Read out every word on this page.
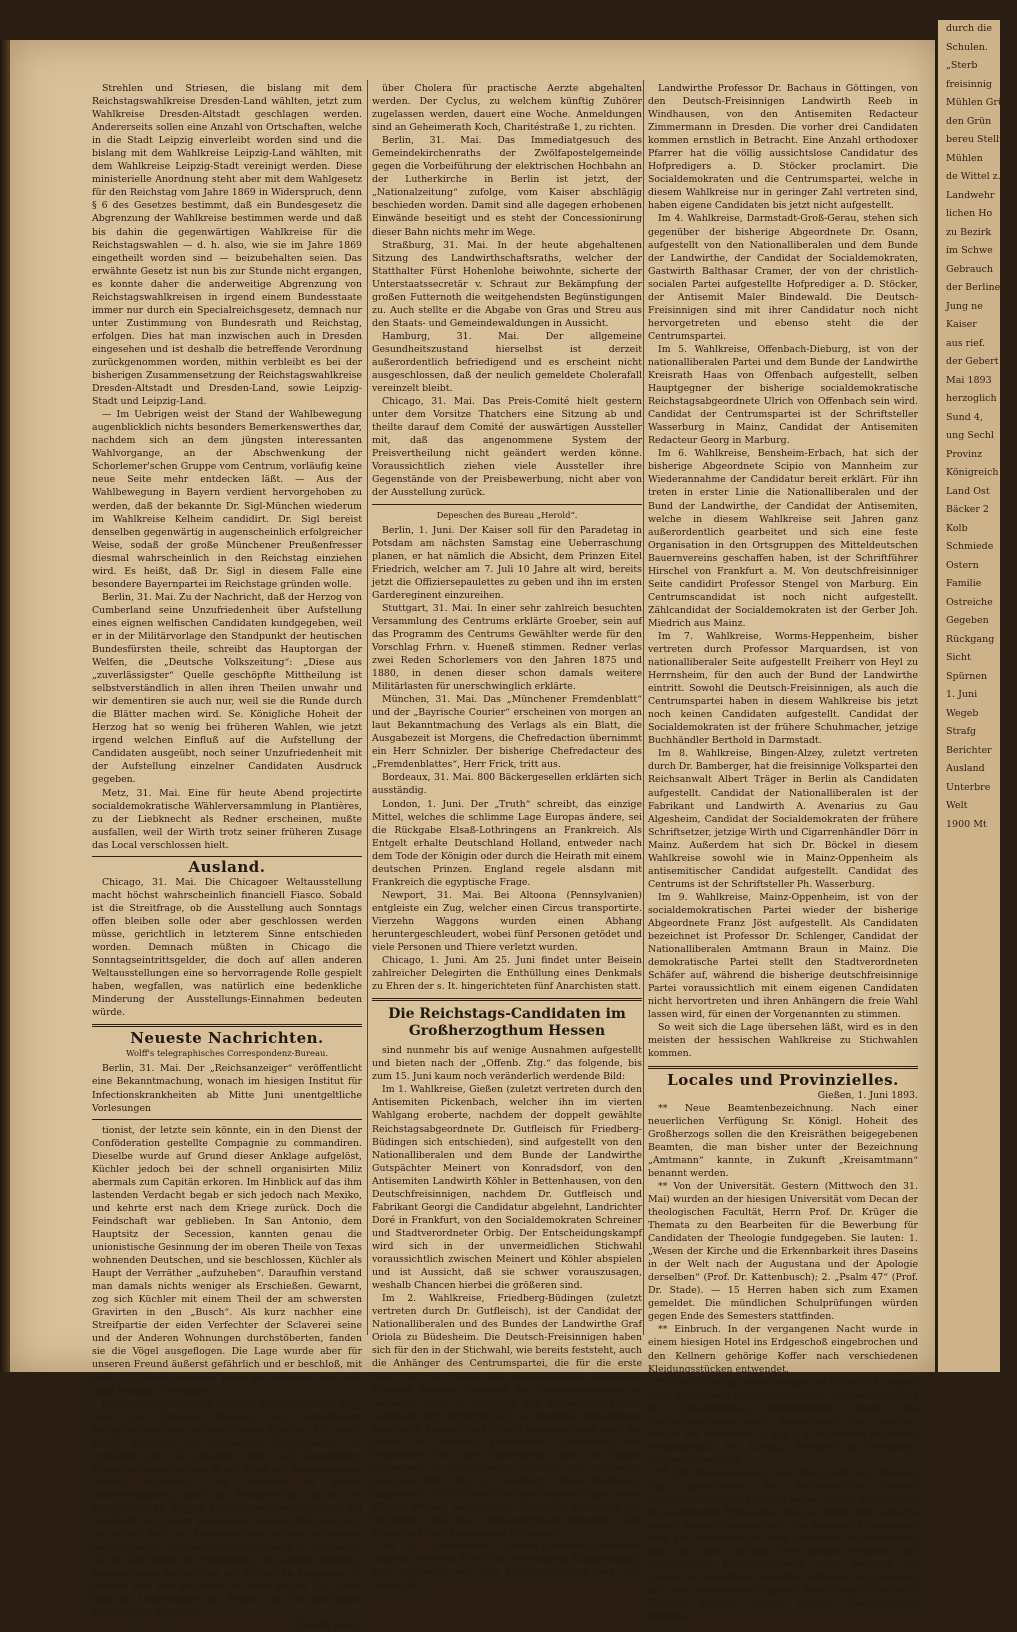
Strehlen und Striesen, die bislang mit dem Reichstagswahlkreise Dresden-Land wählten, jetzt zum Wahlkreise Dresden-Altstadt geschlagen werden. Andererseits sollen eine Anzahl von Ortschaften, welche in die Stadt Leipzig einverleibt worden sind und die bislang mit dem Wahlkreise Leipzig-Land wählten, mit dem Wahlkreise Leipzig-Stadt vereinigt werden. Diese ministerielle Anordnung steht aber mit dem Wahlgesetz für den Reichstag vom Jahre 1869 in Widerspruch, denn § 6 des Gesetzes bestimmt, daß ein Bundesgesetz die Abgrenzung der Wahlkreise bestimmen werde und daß bis dahin die gegenwärtigen Wahlkreise für die Reichstagswahlen — d. h. also, wie sie im Jahre 1869 eingetheilt worden sind — beizubehalten seien. Das erwähnte Gesetz ist nun bis zur Stunde nicht ergangen, es konnte daher die anderweitige Abgrenzung von Reichstagswahlkreisen in irgend einem Bundesstaate immer nur durch ein Specialreichsgesetz, demnach nur unter Zustimmung von Bundesrath und Reichstag, erfolgen. Dies hat man inzwischen auch in Dresden eingesehen und ist deshalb die betreffende Verordnung zurückgenommen worden, mithin verbleibt es bei der bisherigen Zusammensetzung der Reichstagswahlkreise Dresden-Altstadt und Dresden-Land, sowie Leipzig-Stadt und Leipzig-Land.

— Im Uebrigen weist der Stand der Wahlbewegung augenblicklich nichts besonders Bemerkenswerthes dar, nachdem sich an dem jüngsten interessanten Wahlvorgange, an der Abschwenkung der Schorlemer'schen Gruppe vom Centrum, vorläufig keine neue Seite mehr entdecken läßt. — Aus der Wahlbewegung in Bayern verdient hervorgehoben zu werden, daß der bekannte Dr. Sigl-München wiederum im Wahlkreise Kelheim candidirt. Dr. Sigl bereist denselben gegenwärtig in augenscheinlich erfolgreicher Weise, sodaß der große Münchener Preußenfresser diesmal wahrscheinlich in den Reichstag einziehen wird. Es heißt, daß Dr. Sigl in diesem Falle eine besondere Bayernpartei im Reichstage gründen wolle.

Berlin, 31. Mai. Zu der Nachricht, daß der Herzog von Cumberland seine Unzufriedenheit über Aufstellung eines eignen welfischen Candidaten kundgegeben, weil er in der Militärvorlage den Standpunkt der heutischen Bundesfürsten theile, schreibt das Hauptorgan der Welfen, die „Deutsche Volkszeitung“: „Diese aus „zuverlässigster“ Quelle geschöpfte Mittheilung ist selbstverständlich in allen ihren Theilen unwahr und wir dementiren sie auch nur, weil sie die Runde durch die Blätter machen wird. Se. Königliche Hoheit der Herzog hat so wenig bei früheren Wahlen, wie jetzt irgend welchen Einfluß auf die Aufstellung der Candidaten ausgeübt, noch seiner Unzufriedenheit mit der Aufstellung einzelner Candidaten Ausdruck gegeben.

Metz, 31. Mai. Eine für heute Abend projectirte socialdemokratische Wählerversammlung in Plantières, zu der Liebknecht als Redner erscheinen, mußte ausfallen, weil der Wirth trotz seiner früheren Zusage das Local verschlossen hielt.

Ausland.

Chicago, 31. Mai. Die Chicagoer Weltausstellung macht höchst wahrscheinlich financiell Fiasco. Sobald ist die Streitfrage, ob die Ausstellung auch Sonntags offen bleiben solle oder aber geschlossen werden müsse, gerichtlich in letzterem Sinne entschieden worden. Demnach müßten in Chicago die Sonntagseintrittsgelder, die doch auf allen anderen Weltausstellungen eine so hervorragende Rolle gespielt haben, wegfallen, was natürlich eine bedenkliche Minderung der Ausstellungs-Einnahmen bedeuten würde.

Neueste Nachrichten.

Wolff's telegraphisches Correspondenz-Bureau.

Berlin, 31. Mai. Der „Reichsanzeiger“ veröffentlicht eine Bekanntmachung, wonach im hiesigen Institut für Infectionskrankheiten ab Mitte Juni unentgeltliche Vorlesungen

tionist, der letzte sein könnte, ein in den Dienst der Conföderation gestellte Compagnie zu commandiren. Dieselbe wurde auf Grund dieser Anklage aufgelöst, Küchler jedoch bei der schnell organisirten Miliz abermals zum Capitän erkoren. Im Hinblick auf das ihm lastenden Verdacht begab er sich jedoch nach Mexiko, und kehrte erst nach dem Kriege zurück. Doch die Feindschaft war geblieben. In San Antonio, dem Hauptsitz der Secession, kannten genau die unionistische Gesinnung der im oberen Theile von Texas wohnenden Deutschen, und sie beschlossen, Küchler als Haupt der Verräther „aufzuheben“. Daraufhin verstand man damals nichts weniger als Erschießen. Gewarnt, zog sich Küchler mit einem Theil der am schwersten Gravirten in den „Busch“. Als kurz nachher eine Streifpartie der eiden Verfechter der Sclaverei seine und der Anderen Wohnungen durchstöberten, fanden sie die Vögel ausgeflogen. Die Lage wurde aber für unseren Freund äußerst gefährlich und er beschloß, mit noch 63 Gleichgesinnten Texas zu verlassen und sich nach Mexiko zu wenden.

Leider zu spät machte sich die Schaar auf den Weg, denn der Provost Marshal des betreffenden Militärbezirks hatte bereits Colonel Duff mit 120 Mann Befehl gegeben, die „schwarzen Republikaner“ zu verfolgen und sie lebendig oder todt einzuliefern. Dieselben waren bereits in der Nähe der mexikanischen Grenze angelangt. Sie lagerten in einem Gedernwäldchen, dicht am Nueces-Fluß, als sie am Morgen des 10. August 1862 (einem Sonntag) noch bei Zwielicht von einem Kugelregen überschüttet wurden, der sofort drei der Ueberraschten schwer verwundet niederstreckte. Ja Bewerberin vom Abend zu Tag vorher wie als die Hälfte der Flüchtlinge eine andere Richtung eingeschlagen hatten, um der Gefahr zu entgehen. Es fochten also nur ungefähr 30 Mann gegen 120. Dazu kam die Ungleichheit der Waffen und die geschützte Stellung der Angreifer.

(Schluß folgt.)

über Cholera für practische Aerzte abgehalten werden. Der Cyclus, zu welchem künftig Zuhörer zugelassen werden, dauert eine Woche. Anmeldungen sind an Geheimerath Koch, Charitéstraße 1, zu richten.

Berlin, 31. Mai. Das Immediatgesuch des Gemeindekirchenraths der Zwölfapostelgemeinde gegen die Vorbeiführung der elektrischen Hochbahn an der Lutherkirche in Berlin ist jetzt, der „Nationalzeitung“ zufolge, vom Kaiser abschlägig beschieden worden. Damit sind alle dagegen erhobenen Einwände beseitigt und es steht der Concessionirung dieser Bahn nichts mehr im Wege.

Straßburg, 31. Mai. In der heute abgehaltenen Sitzung des Landwirthschaftsraths, welcher der Statthalter Fürst Hohenlohe beiwohnte, sicherte der Unterstaatssecretär v. Schraut zur Bekämpfung der großen Futternoth die weitgehendsten Begünstigungen zu. Auch stellte er die Abgabe von Gras und Streu aus den Staats- und Gemeindewaldungen in Aussicht.

Hamburg, 31. Mai. Der allgemeine Gesundheitszustand hierselbst ist derzeit außerordentlich befriedigend und es erscheint nicht ausgeschlossen, daß der neulich gemeldete Cholerafall vereinzelt bleibt.

Chicago, 31. Mai. Das Preis-Comité hielt gestern unter dem Vorsitze Thatchers eine Sitzung ab und theilte darauf dem Comité der auswärtigen Aussteller mit, daß das angenommene System der Preisvertheilung nicht geändert werden könne. Voraussichtlich ziehen viele Aussteller ihre Gegenstände von der Preisbewerbung, nicht aber von der Ausstellung zurück.

Depeschen des Bureau „Herold“.

Berlin, 1. Juni. Der Kaiser soll für den Paradetag in Potsdam am nächsten Samstag eine Ueberraschung planen, er hat nämlich die Absicht, dem Prinzen Eitel Friedrich, welcher am 7. Juli 10 Jahre alt wird, bereits jetzt die Offiziersepaulettes zu geben und ihn im ersten Gardereginent einzureihen.

Stuttgart, 31. Mai. In einer sehr zahlreich besuchten Versammlung des Centrums erklärte Groeber, sein auf das Programm des Centrums Gewählter werde für den Vorschlag Frhrn. v. Hueneß stimmen. Redner verlas zwei Reden Schorlemers von den Jahren 1875 und 1880, in denen dieser schon damals weitere Militärlasten für unerschwinglich erklärte.

München, 31. Mai. Das „Münchener Fremdenblatt“ und der „Bayrische Courier“ erscheinen von morgen an laut Bekanntmachung des Verlags als ein Blatt, die Ausgabezeit ist Morgens, die Chefredaction übernimmt ein Herr Schnizler. Der bisherige Chefredacteur des „Fremdenblattes“, Herr Frick, tritt aus.

Bordeaux, 31. Mai. 800 Bäckergesellen erklärten sich ausständig.

London, 1. Juni. Der „Truth“ schreibt, das einzige Mittel, welches die schlimme Lage Europas ändere, sei die Rückgabe Elsaß-Lothringens an Frankreich. Als Entgelt erhalte Deutschland Holland, entweder nach dem Tode der Königin oder durch die Heirath mit einem deutschen Prinzen. England regele alsdann mit Frankreich die egyptische Frage.

Newport, 31. Mai. Bei Altoona (Pennsylvanien) entgleiste ein Zug, welcher einen Circus transportirte. Vierzehn Waggons wurden einen Abhang heruntergeschleudert, wobei fünf Personen getödet und viele Personen und Thiere verletzt wurden.

Chicago, 1. Juni. Am 25. Juni findet unter Beisein zahlreicher Delegirten die Enthüllung eines Denkmals zu Ehren der s. It. hingerichteten fünf Anarchisten statt.

Die Reichstags-Candidaten im Großherzogthum Hessen

sind nunmehr bis auf wenige Ausnahmen aufgestellt und bieten nach der „Offenb. Ztg.“ das folgende, bis zum 15. Juni kaum noch veränderlich werdende Bild:

Im 1. Wahlkreise, Gießen (zuletzt vertreten durch den Antisemiten Pickenbach, welcher ihn im vierten Wahlgang eroberte, nachdem der doppelt gewählte Reichstagsabgeordnete Dr. Gutfleisch für Friedberg-Büdingen sich entschieden), sind aufgestellt von den Nationalliberalen und dem Bunde der Landwirthe Gutspächter Meinert von Konradsdorf, von den Antisemiten Landwirth Köhler in Bettenhausen, von den Deutschfreisinnigen, nachdem Dr. Gutfleisch und Fabrikant Georgi die Candidatur abgelehnt, Landrichter Doré in Frankfurt, von den Socialdemokraten Schreiner und Stadtverordneter Orbig. Der Entscheidungskampf wird sich in der unvermeidlichen Stichwahl voraussichtlich zwischen Meinert und Köhler abspielen und ist Aussicht, daß sie schwer vorauszusagen, weshalb Chancen hierbei die größeren sind.

Im 2. Wahlkreise, Friedberg-Büdingen (zuletzt vertreten durch Dr. Gutfleisch), ist der Candidat der Nationalliberalen und des Bundes der Landwirthe Graf Oriola zu Büdesheim. Die Deutsch-Freisinnigen haben sich für den in der Stichwahl, wie bereits feststeht, auch die Anhänger des Centrumspartei, die für die erste Wahl den Dr. Lieber als Zählcandidaten aufstellen, stimmen werden. Candidat der Socialdemokraten ist Gastwirth Prinz in Frankfurt. Die Antisemiten haben, nachdem der ursprünglich in Aussicht genommene Landwirth Leopard in Melbach abgelehnt und auch die darauf in Aussicht genommene Candidatur des Schneiders Pelz von Dauernheim nicht zu Stande gekommen zu sein scheint, nunmehr den Landwirth Johannes Bär VIII. in Rohrbach (Kreis Büdingen) aufgestellt. Die Christlich-Socialen beabsichtigen einen Pfarrer Werner aufzustellen. Jedenfalls kommt es zur Stichwahl und zwar voraussichtlich zwischen Graf Oriola und dem Antisemiten Grünewald.

Im 3. Wahlkreise, Alsfeld-Lauterbach-Schotten (zuletzt vertreten durch den Antisemiten Zimmermann), sind aufgestellt von den Nationalliberalen und dem Bunde der

Landwirthe Professor Dr. Bachaus in Göttingen, von den Deutsch-Freisinnigen Landwirth Reeb in Windhausen, von den Antisemiten Redacteur Zimmermann in Dresden. Die vorher drei Candidaten kommen ernstlich in Betracht. Eine Anzahl orthodoxer Pfarrer hat die völlig aussichtslose Candidatur des Hofpredigers a. D. Stöcker proclamirt. Die Socialdemokraten und die Centrumspartei, welche in diesem Wahlkreise nur in geringer Zahl vertreten sind, haben eigene Candidaten bis jetzt nicht aufgestellt.

Im 4. Wahlkreise, Darmstadt-Groß-Gerau, stehen sich gegenüber der bisherige Abgeordnete Dr. Osann, aufgestellt von den Nationalliberalen und dem Bunde der Landwirthe, der Candidat der Socialdemokraten, Gastwirth Balthasar Cramer, der von der christlich-socialen Partei aufgestellte Hofprediger a. D. Stöcker, der Antisemit Maler Bindewald. Die Deutsch-Freisinnigen sind mit ihrer Candidatur noch nicht hervorgetreten und ebenso steht die der Centrumspartei.

Im 5. Wahlkreise, Offenbach-Dieburg, ist von der nationalliberalen Partei und dem Bunde der Landwirthe Kreisrath Haas von Offenbach aufgestellt, selben Hauptgegner der bisherige socialdemokratische Reichstagsabgeordnete Ulrich von Offenbach sein wird. Candidat der Centrumspartei ist der Schriftsteller Wasserburg in Mainz, Candidat der Antisemiten Redacteur Georg in Marburg.

Im 6. Wahlkreise, Bensheim-Erbach, hat sich der bisherige Abgeordnete Scipio von Mannheim zur Wiederannahme der Candidatur bereit erklärt. Für ihn treten in erster Linie die Nationalliberalen und der Bund der Landwirthe, der Candidat der Antisemiten, welche in diesem Wahlkreise seit Jahren ganz außerordentlich gearbeitet und sich eine feste Organisation in den Ortsgruppen des Mitteldeutschen Bauernvereins geschaffen haben, ist der Schriftführer Hirschel von Frankfurt a. M. Von deutschfreisinniger Seite candidirt Professor Stengel von Marburg. Ein Centrumscandidat ist noch nicht aufgestellt. Zählcandidat der Socialdemokraten ist der Gerber Joh. Miedrich aus Mainz.

Im 7. Wahlkreise, Worms-Heppenheim, bisher vertreten durch Professor Marquardsen, ist von nationalliberaler Seite aufgestellt Freiherr von Heyl zu Herrnsheim, für den auch der Bund der Landwirthe eintritt. Sowohl die Deutsch-Freisinnigen, als auch die Centrumspartei haben in diesem Wahlkreise bis jetzt noch keinen Candidaten aufgestellt. Candidat der Socialdemokraten ist der frühere Schuhmacher, jetzige Buchhändler Berthold in Darmstadt.

Im 8. Wahlkreise, Bingen-Alzey, zuletzt vertreten durch Dr. Bamberger, hat die freisinnige Volkspartei den Reichsanwalt Albert Träger in Berlin als Candidaten aufgestellt. Candidat der Nationalliberalen ist der Fabrikant und Landwirth A. Avenarius zu Gau Algesheim, Candidat der Socialdemokraten der frühere Schriftsetzer, jetzige Wirth und Cigarrenhändler Dörr in Mainz. Außerdem hat sich Dr. Böckel in diesem Wahlkreise sowohl wie in Mainz-Oppenheim als antisemitischer Candidat aufgestellt. Candidat des Centrums ist der Schriftsteller Ph. Wasserburg.

Im 9. Wahlkreise, Mainz-Oppenheim, ist von der socialdemokratischen Partei wieder der bisherige Abgeordnete Franz Jöst aufgestellt. Als Candidaten bezeichnet ist Professor Dr. Schlenger, Candidat der Nationalliberalen Amtmann Braun in Mainz. Die demokratische Partei stellt den Stadtverordneten Schäfer auf, während die bisherige deutschfreisinnige Partei voraussichtlich mit einem eigenen Candidaten nicht hervortreten und ihren Anhängern die freie Wahl lassen wird, für einen der Vorgenannten zu stimmen.

So weit sich die Lage übersehen läßt, wird es in den meisten der hessischen Wahlkreise zu Stichwahlen kommen.

Locales und Provinzielles.

Gießen, 1. Juni 1893.

** Neue Beamtenbezeichnung. Nach einer neuerlichen Verfügung Sr. Königl. Hoheit des Großherzogs sollen die den Kreisräthen beigegebenen Beamten, die man bisher unter der Bezeichnung „Amtmann“ kannte, in Zukunft „Kreisamtmann“ benannt werden.

** Von der Universität. Gestern (Mittwoch den 31. Mai) wurden an der hiesigen Universität vom Decan der theologischen Facultät, Herrn Prof. Dr. Krüger die Themata zu den Bearbeiten für die Bewerbung für Candidaten der Theologie fundgegeben. Sie lauten: 1. „Wesen der Kirche und die Erkennbarkeit ihres Daseins in der Welt nach der Augustana und der Apologie derselben“ (Prof. Dr. Kattenbusch); 2. „Psalm 47“ (Prof. Dr. Stade). — 15 Herren haben sich zum Examen gemeldet. Die mündlichen Schulprüfungen würden gegen Ende des Semesters stattfinden.

** Einbruch. In der vergangenen Nacht wurde in einem hiesigen Hotel ins Erdgeschoß eingebrochen und den Kellnern gehörige Koffer nach verschiedenen Kleidungsstücken entwendet.

** Seitz-Stiftung. Bewerbungen um die am 14. August fällig werdenden diesjährigen Gaben der Seitz-Stiftung für Unterstützung nothleidender Aerzte des Großherzogthums oder Angehöriger von solchen, mögen bis spätestens 1. Juli l. J. begründet bei Herrn Medicinalrath Dr. Lorenz, Kreisarzt in Friedberg, eingereicht werden.

** Für Taubenzüchter. Vom Main wird der „Darmst. Ztg.“ geschrieben: Die Taubenzüchter unserer weitesten Umgebung führen neuer bittere Klagen über die auffallende Thatsache, daß nur selten die Aufzucht junger Tauben gelingen will. Die seltsame Erscheinung wird von Sachkundigen dem Umstande zugeschrieben, daß die alten Tauben ihre Jungen mitunter mit aufgequellten Dungsalzkörnern atzen, wodurch die Jungen an Vergiftung verenden, während das Dungsalz bei den widerstandsfähigeren Alten seine schädliche Wirkung weniger äußert. Manche Taubenzüchter erleiden

durch die
Schulen.
„Sterb
freisinnig
Mühlen Grün
den Grün
bereu Stellung
Mühlen
de Wittel z.
Landwehr
lichen Ho
zu Bezirk
im Schwe
Gebrauch
der Berliner
Jung ne
Kaiser
aus rief.
der Gebert
Mai 1893
herzoglich
Sund 4,
ung Sechl
Provinz
Königreich
Land Ost
Bäcker 2
Kolb
Schmiede
Ostern
Familie
Ostreiche
Gegeben
Rückgang
Sicht
Spürnen
1. Juni
Wegeb
Strafg
Berichter
Ausland
Unterbre
Welt
1900 Mt
